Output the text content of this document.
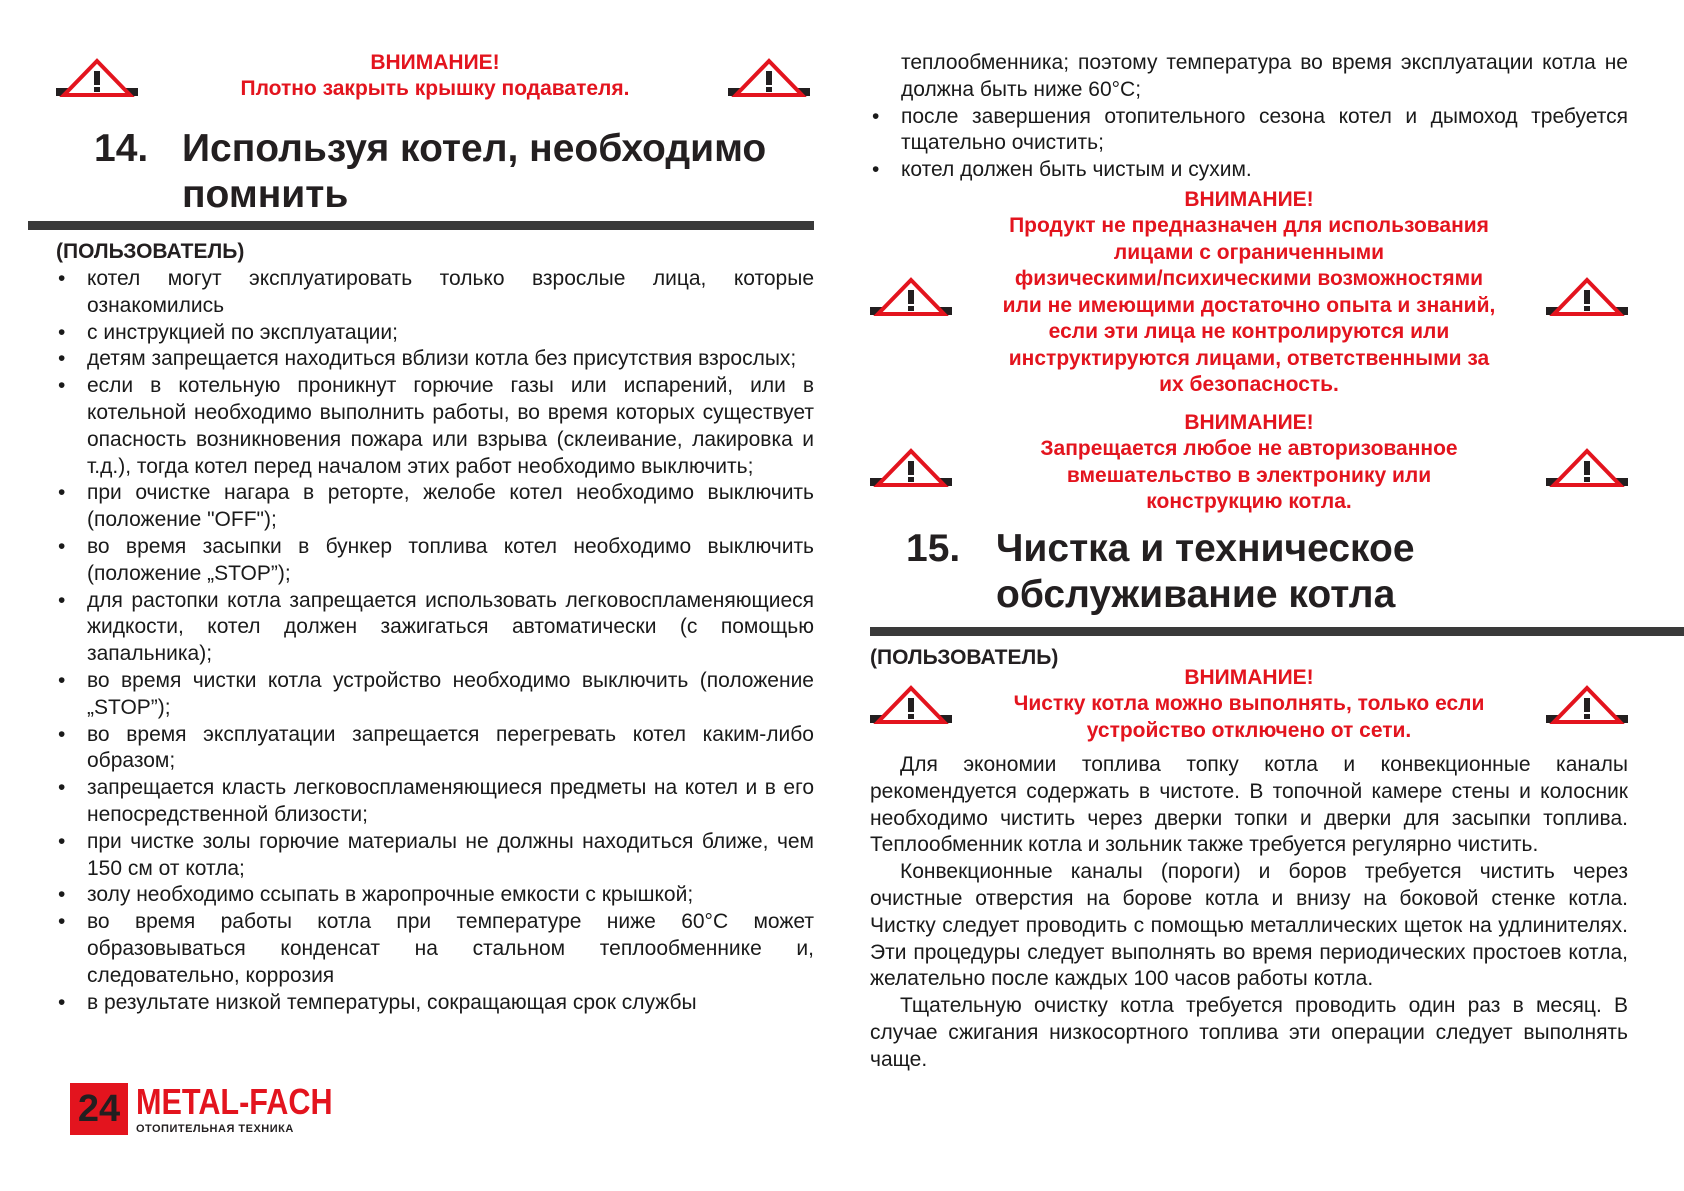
ВНИМАНИЕ!
Плотно закрыть крышку подавателя.
14. Используя котел, необходимо
помнить
(ПОЛЬЗОВАТЕЛЬ)
• котел могут эксплуатировать только взрослые лица, которые ознакомились
• с инструкцией по эксплуатации;
• детям запрещается находиться вблизи котла без присутствия взрослых;
• если в котельную проникнут горючие газы или испарений, или в котельной необходимо выполнить работы, во время которых существует опасность возникновения пожара или взрыва (склеивание, лакировка и т.д.), тогда котел перед началом этих работ необходимо выключить;
• при очистке нагара в реторте, желобе котел необходимо выключить (положение "OFF");
• во время засыпки в бункер топлива котел необходимо выключить (положение „STOP”);
• для растопки котла запрещается использовать легковоспламеняющиеся жидкости, котел должен зажигаться автоматически (с помощью запальника);
• во время чистки котла устройство необходимо выключить (положение „STOP”);
• во время эксплуатации запрещается перегревать котел каким-либо образом;
• запрещается класть легковоспламеняющиеся предметы на котел и в его непосредственной близости;
• при чистке золы горючие материалы не должны находиться ближе, чем 150 см от котла;
• золу необходимо ссыпать в жаропрочные емкости с крышкой;
• во время работы котла при температуре ниже 60°С может образовываться конденсат на стальном теплообменнике и, следовательно, коррозия
• в результате низкой температуры, сокращающая срок службы

теплообменника; поэтому температура во время эксплуатации котла не должна быть ниже 60°С;

• после завершения отопительного сезона котел и дымоход требуется тщательно очистить;
• котел должен быть чистым и сухим.
ВНИМАНИЕ!
Продукт не предназначен для использования
лицами с ограниченными
физическими/психическими возможностями
или не имеющими достаточно опыта и знаний,
если эти лица не контролируются или
инструктируются лицами, ответственными за
их безопасность.
ВНИМАНИЕ!
Запрещается любое не авторизованное
вмешательство в электронику или
конструкцию котла.
15. Чистка и техническое
обслуживание котла
(ПОЛЬЗОВАТЕЛЬ)
ВНИМАНИЕ!
Чистку котла можно выполнять, только если
устройство отключено от сети.

Для экономии топлива топку котла и конвекционные каналы рекомендуется содержать в чистоте. В топочной камере стены и колосник необходимо чистить через дверки топки и дверки для засыпки топлива. Теплообменник котла и зольник также требуется регулярно чистить.

Конвекционные каналы (пороги) и боров требуется чистить через очистные отверстия на борове котла и внизу на боковой стенке котла. Чистку следует проводить с помощью металлических щеток на удлинителях. Эти процедуры следует выполнять во время периодических простоев котла, желательно после каждых 100 часов работы котла.

Тщательную очистку котла требуется проводить один раз в месяц. В случае сжигания низкосортного топлива эти операции следует выполнять чаще.

24 METAL-FACH
ОТОПИТЕЛЬНАЯ ТЕХНИКА
